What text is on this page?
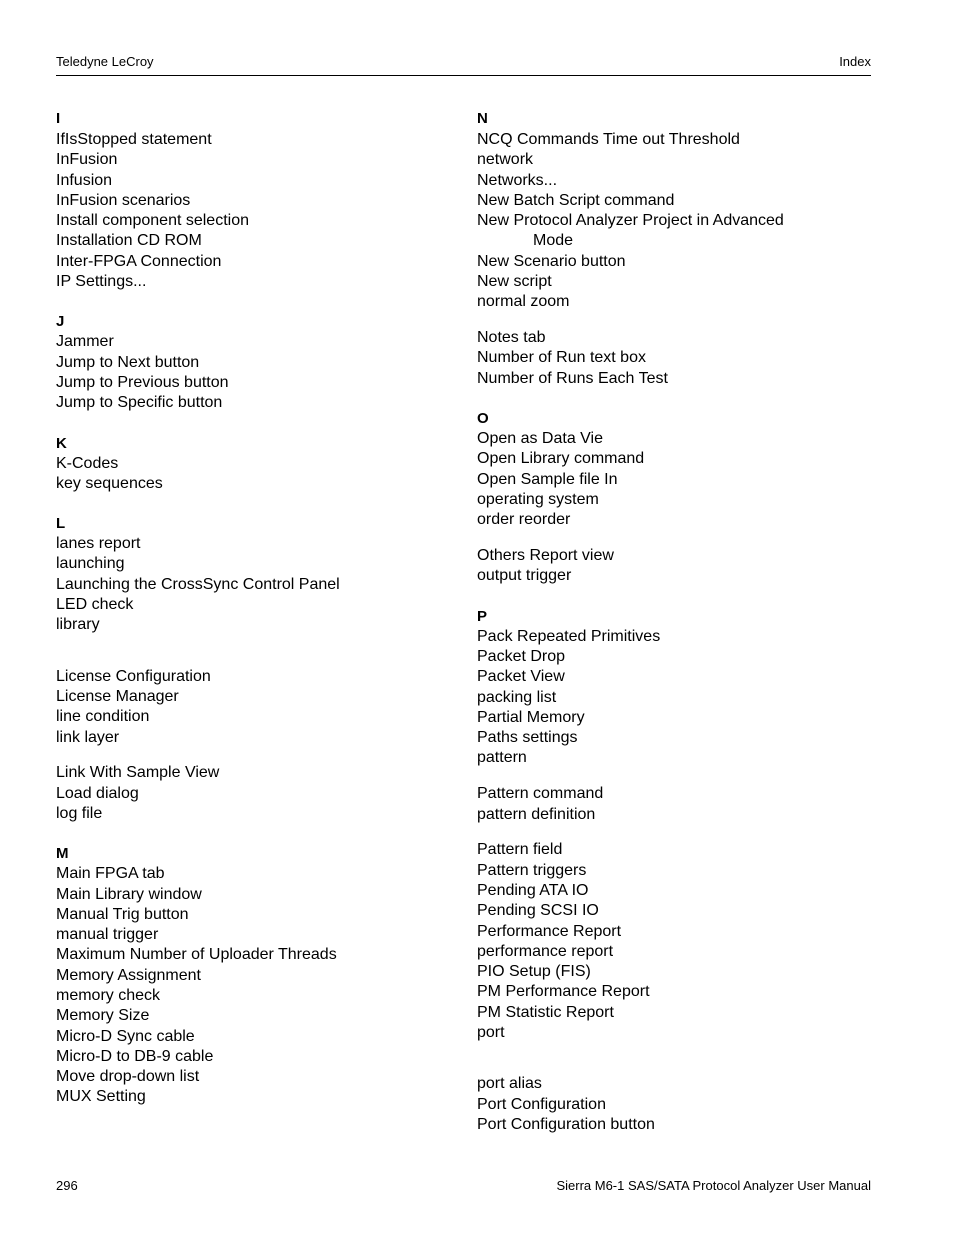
Teledyne LeCroy	Index
I
IfIsStopped statement
InFusion
Infusion
InFusion scenarios
Install component selection
Installation CD ROM
Inter-FPGA Connection
IP Settings...
J
Jammer
Jump to Next button
Jump to Previous button
Jump to Specific button
K
K-Codes
key sequences
L
lanes report
launching
Launching the CrossSync Control Panel
LED check
library
License Configuration
License Manager
line condition
link layer
Link With Sample View
Load dialog
log file
M
Main FPGA tab
Main Library window
Manual Trig button
manual trigger
Maximum Number of Uploader Threads
Memory Assignment
memory check
Memory Size
Micro-D Sync cable
Micro-D to DB-9 cable
Move drop-down list
MUX Setting
N
NCQ Commands Time out Threshold
network
Networks...
New Batch Script command
New Protocol Analyzer Project in Advanced
Mode
New Scenario button
New script
normal zoom
Notes tab
Number of Run text box
Number of Runs Each Test
O
Open as Data Vie
Open Library command
Open Sample file In
operating system
order reorder
Others Report view
output trigger
P
Pack Repeated Primitives
Packet Drop
Packet View
packing list
Partial Memory
Paths settings
pattern
Pattern command
pattern definition
Pattern field
Pattern triggers
Pending ATA IO
Pending SCSI IO
Performance Report
performance report
PIO Setup (FIS)
PM Performance Report
PM Statistic Report
port
port alias
Port Configuration
Port Configuration button
296	Sierra M6-1 SAS/SATA Protocol Analyzer User Manual
